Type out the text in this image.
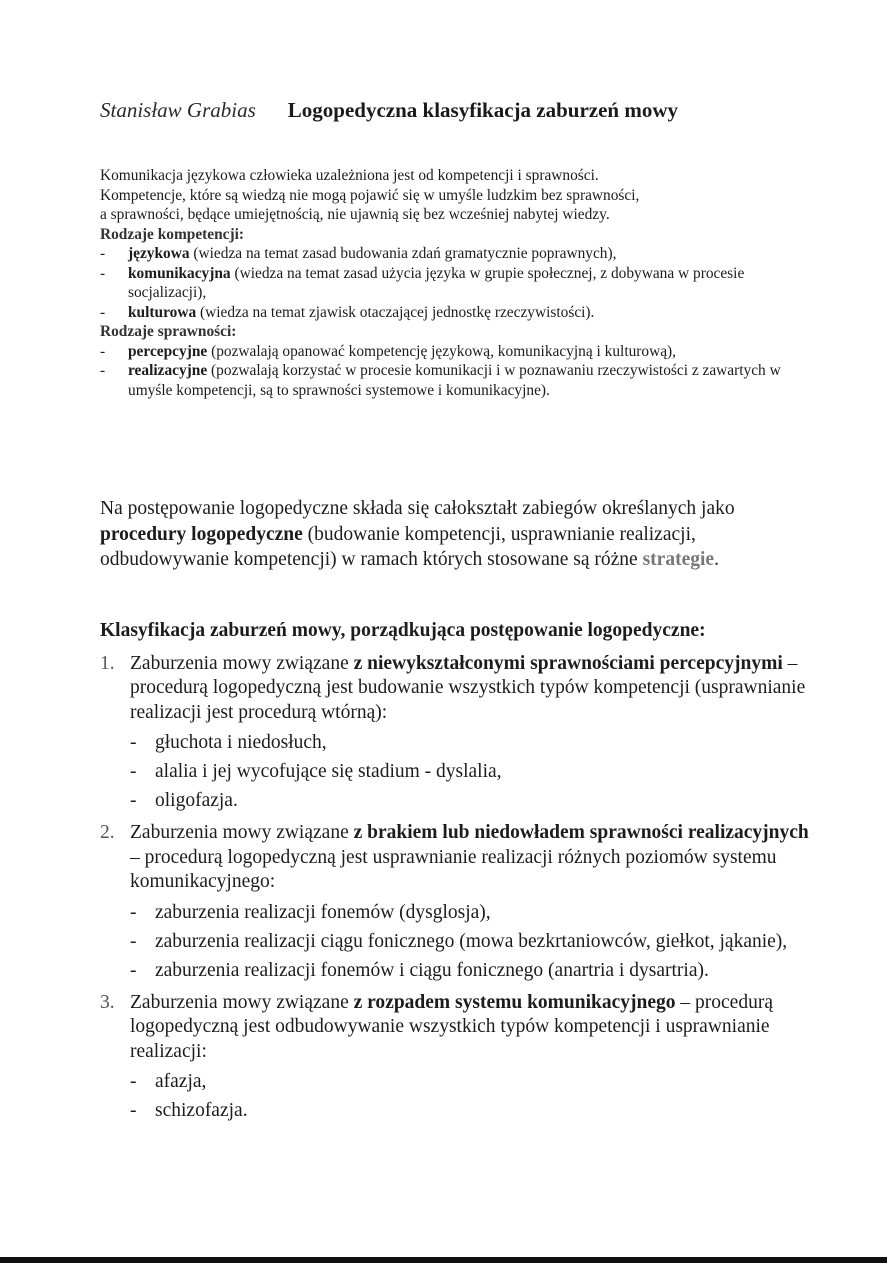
Stanisław Grabias Logopedyczna klasyfikacja zaburzeń mowy

Komunikacja językowa człowieka uzależniona jest od kompetencji i sprawności.

Kompetencje, które są wiedzą nie mogą pojawić się w umyśle ludzkim bez sprawności,

a sprawności, będące umiejętnością, nie ujawnią się bez wcześniej nabytej wiedzy.

Rodzaje kompetencji:

- językowa (wiedza na temat zasad budowania zdań gramatycznie poprawnych),

- komunikacyjna (wiedza na temat zasad użycia języka w grupie społecznej, z dobywana w procesie socjalizacji),

- kulturowa (wiedza na temat zjawisk otaczającej jednostkę rzeczywistości).

Rodzaje sprawności:

- percepcyjne (pozwalają opanować kompetencję językową, komunikacyjną i kulturową),

- realizacyjne (pozwalają korzystać w procesie komunikacji i w poznawaniu rzeczywistości z zawartych w umyśle kompetencji, są to sprawności systemowe i komunikacyjne).

Na postępowanie logopedyczne składa się całokształt zabiegów określanych jako procedury logopedyczne (budowanie kompetencji, usprawnianie realizacji, odbudowywanie kompetencji) w ramach których stosowane są różne strategie.

Klasyfikacja zaburzeń mowy, porządkująca postępowanie logopedyczne:

1. Zaburzenia mowy związane z niewykształconymi sprawnościami percepcyjnymi – procedurą logopedyczną jest budowanie wszystkich typów kompetencji (usprawnianie realizacji jest procedurą wtórną):
- głuchota i niedosłuch,
- alalia i jej wycofujące się stadium - dyslalia,
- oligofazja.
2. Zaburzenia mowy związane z brakiem lub niedowładem sprawności realizacyjnych – procedurą logopedyczną jest usprawnianie realizacji różnych poziomów systemu komunikacyjnego:
- zaburzenia realizacji fonemów (dysglosja),
- zaburzenia realizacji ciągu fonicznego (mowa bezkrtaniowców, giełkot, jąkanie),
- zaburzenia realizacji fonemów i ciągu fonicznego (anartria i dysartria).
3. Zaburzenia mowy związane z rozpadem systemu komunikacyjnego – procedurą logopedyczną jest odbudowywanie wszystkich typów kompetencji i usprawnianie realizacji:
- afazja,
- schizofazja.
